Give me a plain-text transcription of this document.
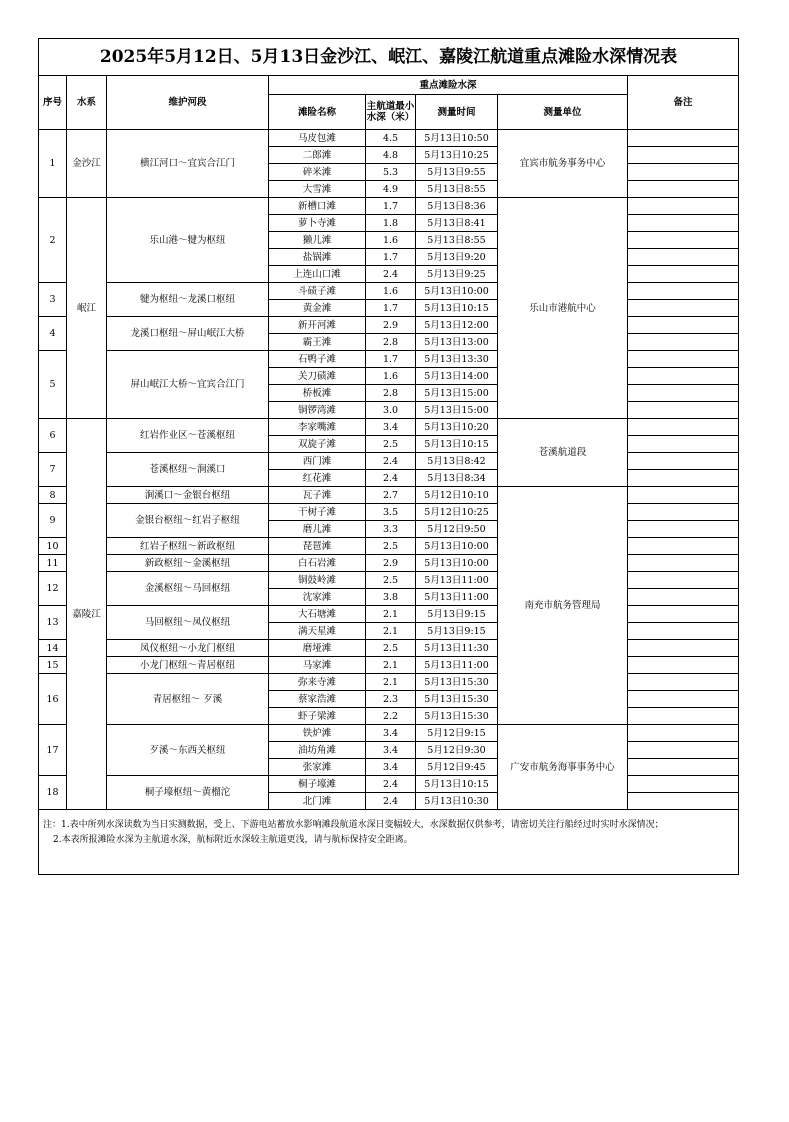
2025年5月12日、5月13日金沙江、岷江、嘉陵江航道重点滩险水深情况表							
序号	水系	维护河段	重点滩险水深				备注
			滩险名称	主航道最小水深（米）	测量时间	测量单位	
1	金沙江	横江河口～宜宾合江门	马皮包滩	4.5	5月13日10:50	宜宾市航务事务中心	
			二郎滩	4.8	5月13日10:25		
			碎米滩	5.3	5月13日9:55		
			大雪滩	4.9	5月13日8:55		
2	岷江	乐山港～犍为枢纽	新槽口滩	1.7	5月13日8:36	乐山市港航中心	
			萝卜寺滩	1.8	5月13日8:41		
			獭儿滩	1.6	5月13日8:55		
			盐锅滩	1.7	5月13日9:20		
			上连山口滩	2.4	5月13日9:25		
3		犍为枢纽～龙溪口枢纽	斗碛子滩	1.6	5月13日10:00		
			黄金滩	1.7	5月13日10:15		
4		龙溪口枢纽～屏山岷江大桥	新开河滩	2.9	5月13日12:00		
			霸王滩	2.8	5月13日13:00		
5		屏山岷江大桥～宜宾合江门	石鸭子滩	1.7	5月13日13:30		
			关刀碛滩	1.6	5月13日14:00		
			桥板滩	2.8	5月13日15:00		
			铜锣湾滩	3.0	5月13日15:00		
6	嘉陵江	红岩作业区～苍溪枢纽	李家嘴滩	3.4	5月13日10:20	苍溪航道段	
			双旋子滩	2.5	5月13日10:15		
7		苍溪枢纽～涧溪口	西门滩	2.4	5月13日8:42		
			红花滩	2.4	5月13日8:34		
8		涧溪口～金银台枢纽	瓦子滩	2.7	5月12日10:10	南充市航务管理局	
9		金银台枢纽～红岩子枢纽	干树子滩	3.5	5月12日10:25		
			磨儿滩	3.3	5月12日9:50		
10		红岩子枢纽～新政枢纽	琵琶滩	2.5	5月13日10:00		
11		新政枢纽～金溪枢纽	白石岩滩	2.9	5月13日10:00		
12		金溪枢纽～马回枢纽	铜鼓岭滩	2.5	5月13日11:00		
			沈家滩	3.8	5月13日11:00		
13		马回枢纽～凤仪枢纽	大石塘滩	2.1	5月13日9:15		
			满天星滩	2.1	5月13日9:15		
14		凤仪枢纽～小龙门枢纽	磨垭滩	2.5	5月13日11:30		
15		小龙门枢纽～青居枢纽	马家滩	2.1	5月13日11:00		
16		青居枢纽～ 歹溪	弥来寺滩	2.1	5月13日15:30		
			蔡家浩滩	2.3	5月13日15:30		
			虾子梁滩	2.2	5月13日15:30		
17		歹溪～东西关枢纽	铁炉滩	3.4	5月12日9:15	广安市航务海事事务中心	
			油坊角滩	3.4	5月12日9:30		
			张家滩	3.4	5月12日9:45		
18		桐子壕枢纽～黄榴沱	桐子壕滩	2.4	5月13日10:15		
			北门滩	2.4	5月13日10:30		

注：1.表中所列水深读数为当日实测数据，受上、下游电站蓄放水影响滩段航道水深日变幅较大，水深数据仅供参考，请密切关注行船经过时实时水深情况；
2.本表所报滩险水深为主航道水深，航标附近水深较主航道更浅，请与航标保持安全距离。							
